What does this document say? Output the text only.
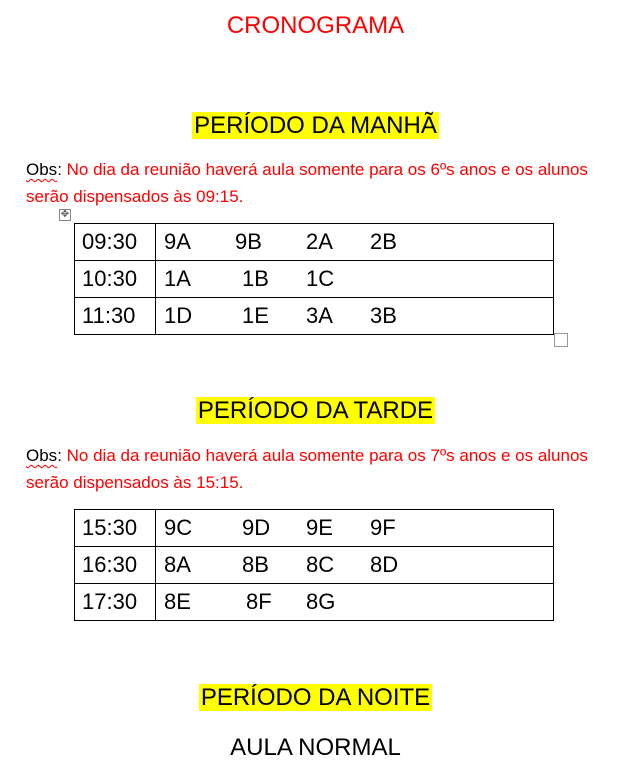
CRONOGRAMA
PERÍODO DA MANHÃ
Obs: No dia da reunião haverá aula somente para os 6ºs anos e os alunos serão dispensados às 09:15.
✥
09:30	9A 9B 2A 2B

10:30	1A 1B 1C

11:30	1D 1E 3A 3B
PERÍODO DA TARDE
Obs: No dia da reunião haverá aula somente para os 7ºs anos e os alunos serão dispensados às 15:15.
15:30	9C 9D 9E 9F

16:30	8A 8B 8C 8D

17:30	8E 8F 8G
PERÍODO DA NOITE
AULA NORMAL
